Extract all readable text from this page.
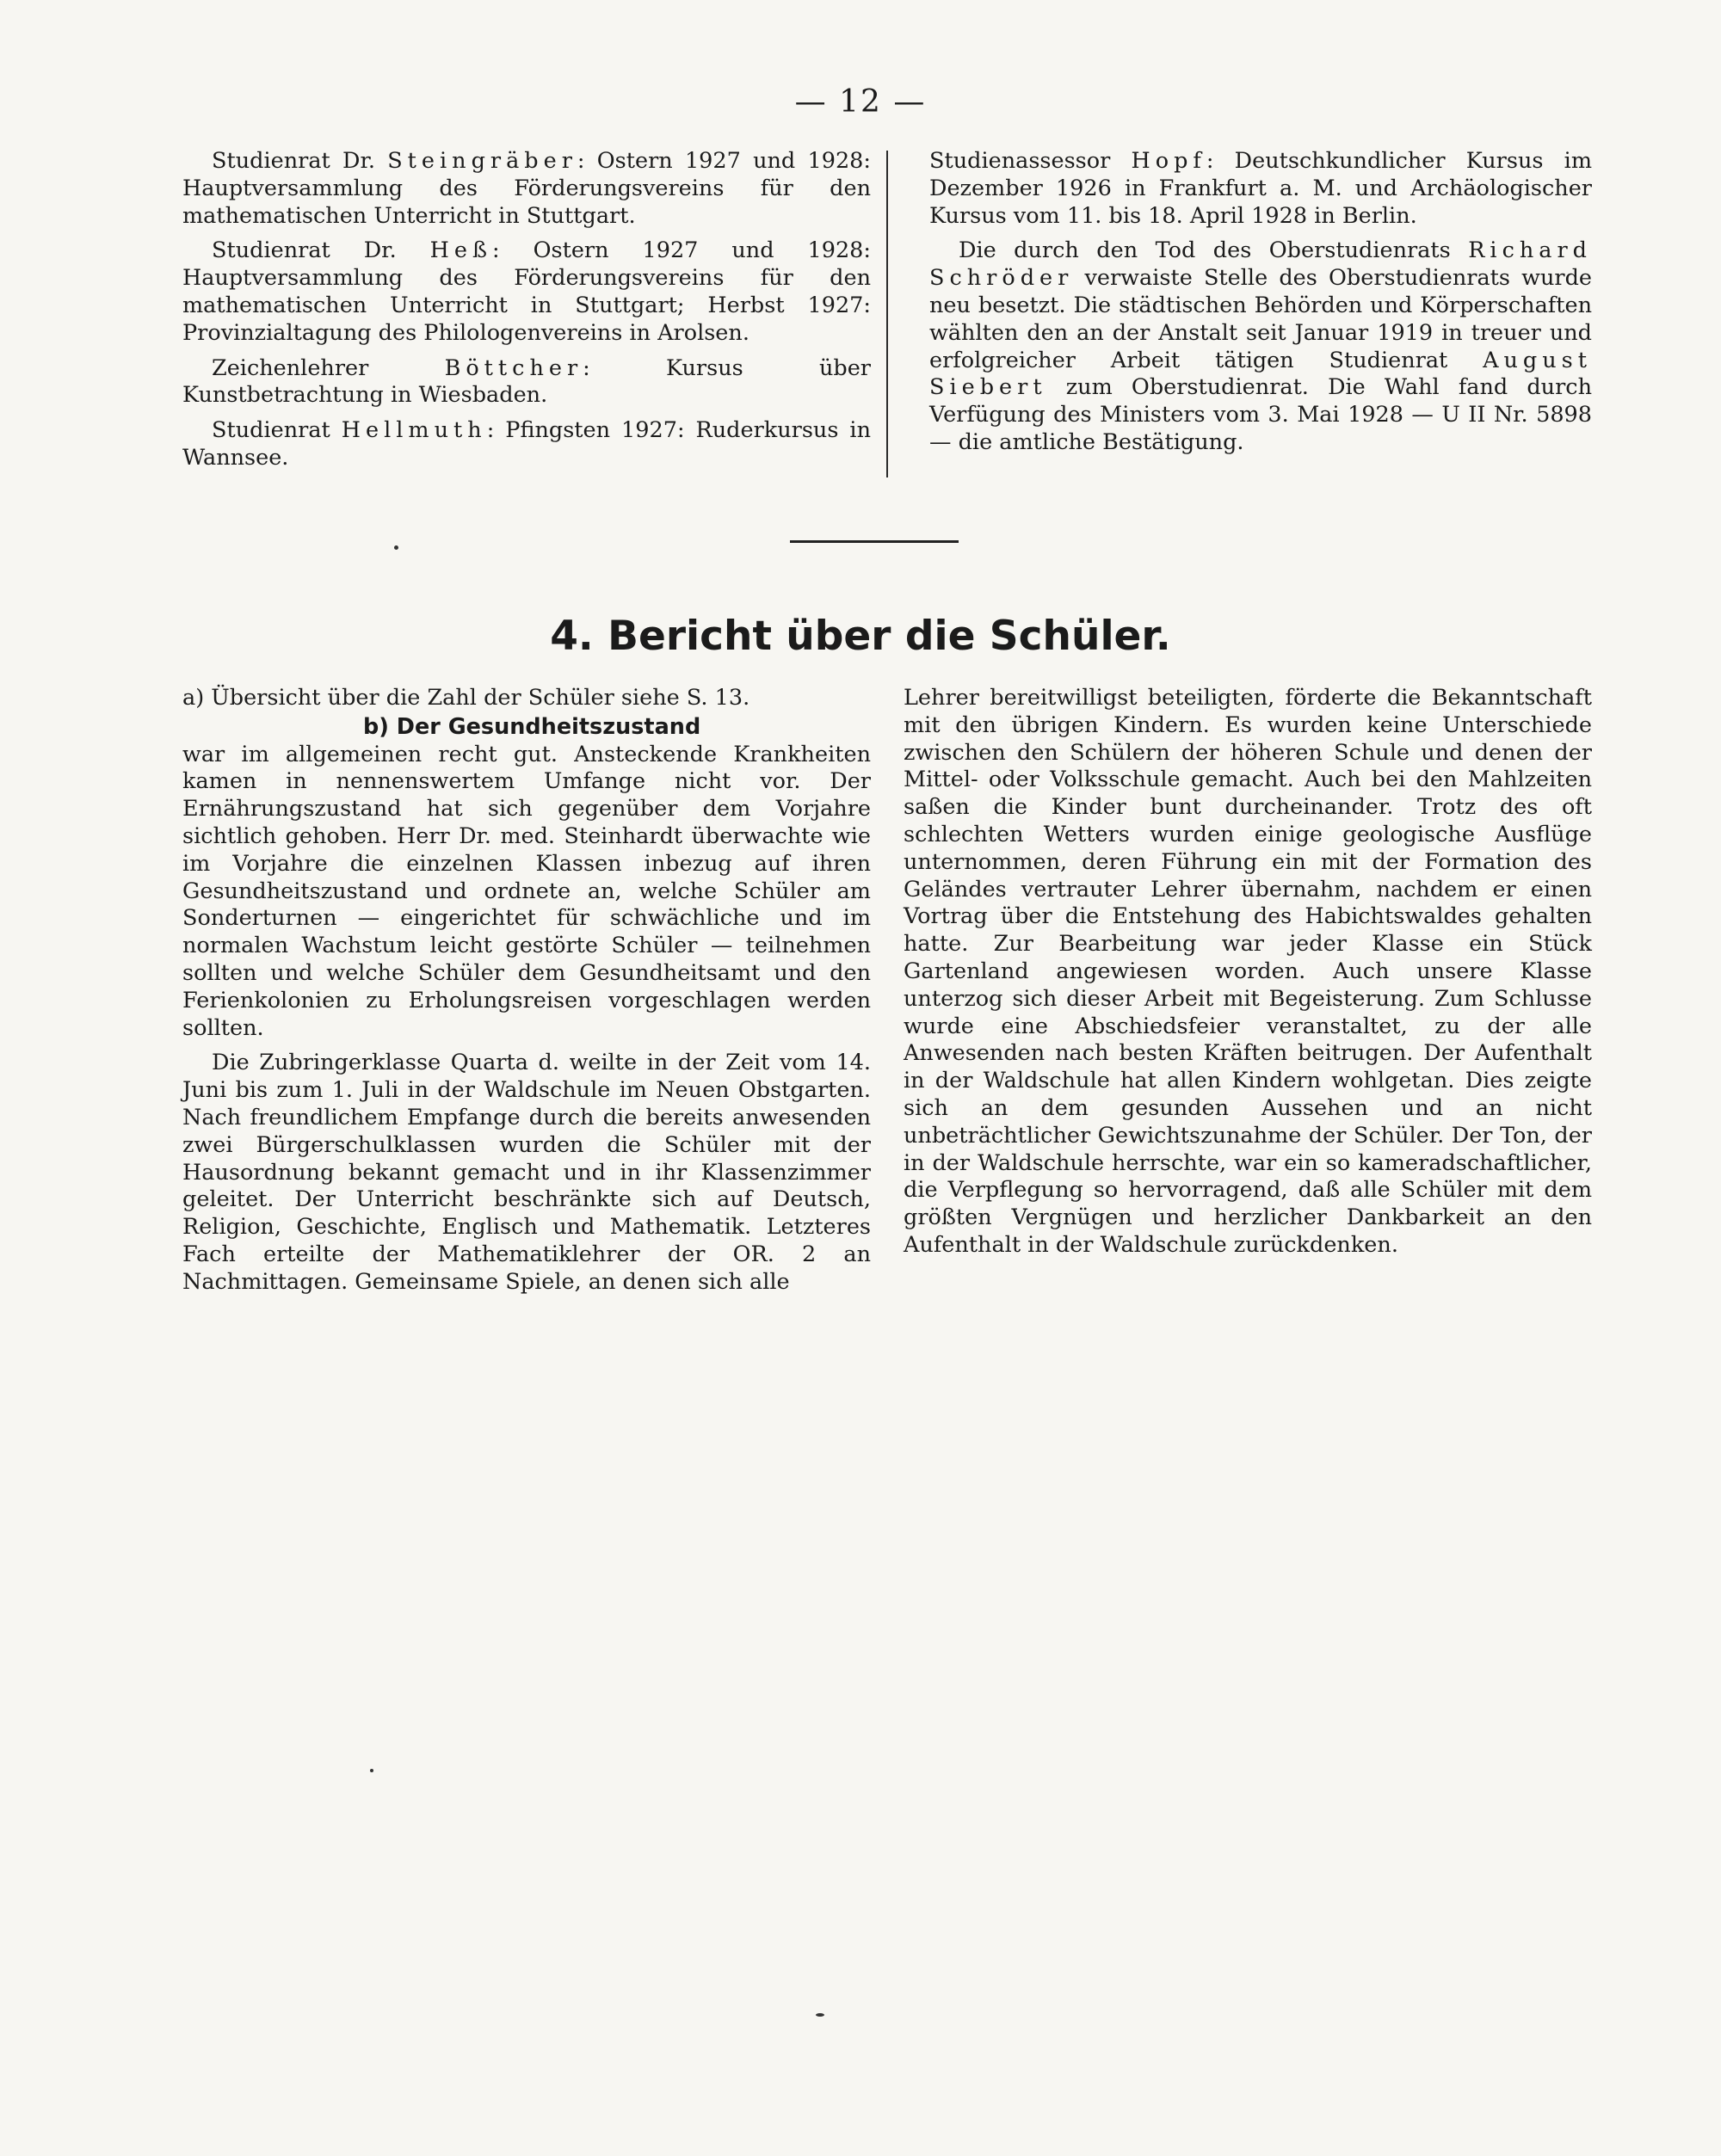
— 12 —

Studienrat Dr. Steingräber: Ostern 1927 und 1928: Hauptversammlung des Förderungsvereins für den mathematischen Unterricht in Stuttgart.

Studienrat Dr. Heß: Ostern 1927 und 1928: Hauptversammlung des Förderungsvereins für den mathematischen Unterricht in Stuttgart; Herbst 1927: Provinzialtagung des Philologenvereins in Arolsen.

Zeichenlehrer Böttcher: Kursus über Kunstbetrachtung in Wiesbaden.

Studienrat Hellmuth: Pfingsten 1927: Ruderkursus in Wannsee.

Studienassessor Hopf: Deutschkundlicher Kursus im Dezember 1926 in Frankfurt a. M. und Archäologischer Kursus vom 11. bis 18. April 1928 in Berlin.

Die durch den Tod des Oberstudienrats Richard Schröder verwaiste Stelle des Oberstudienrats wurde neu besetzt. Die städtischen Behörden und Körperschaften wählten den an der Anstalt seit Januar 1919 in treuer und erfolgreicher Arbeit tätigen Studienrat August Siebert zum Oberstudienrat. Die Wahl fand durch Verfügung des Ministers vom 3. Mai 1928 — U II Nr. 5898 — die amtliche Bestätigung.

4. Bericht über die Schüler.

a) Übersicht über die Zahl der Schüler siehe S. 13.

b) Der Gesundheitszustand
war im allgemeinen recht gut. Ansteckende Krankheiten kamen in nennenswertem Umfange nicht vor. Der Ernährungszustand hat sich gegenüber dem Vorjahre sichtlich gehoben. Herr Dr. med. Steinhardt überwachte wie im Vorjahre die einzelnen Klassen inbezug auf ihren Gesundheitszustand und ordnete an, welche Schüler am Sonderturnen — eingerichtet für schwächliche und im normalen Wachstum leicht gestörte Schüler — teilnehmen sollten und welche Schüler dem Gesundheitsamt und den Ferienkolonien zu Erholungsreisen vorgeschlagen werden sollten.

Die Zubringerklasse Quarta d. weilte in der Zeit vom 14. Juni bis zum 1. Juli in der Waldschule im Neuen Obstgarten. Nach freundlichem Empfange durch die bereits anwesenden zwei Bürgerschulklassen wurden die Schüler mit der Hausordnung bekannt gemacht und in ihr Klassenzimmer geleitet. Der Unterricht beschränkte sich auf Deutsch, Religion, Geschichte, Englisch und Mathematik. Letzteres Fach erteilte der Mathematiklehrer der OR. 2 an Nachmittagen. Gemeinsame Spiele, an denen sich alle

Lehrer bereitwilligst beteiligten, förderte die Bekanntschaft mit den übrigen Kindern. Es wurden keine Unterschiede zwischen den Schülern der höheren Schule und denen der Mittel- oder Volksschule gemacht. Auch bei den Mahlzeiten saßen die Kinder bunt durcheinander. Trotz des oft schlechten Wetters wurden einige geologische Ausflüge unternommen, deren Führung ein mit der Formation des Geländes vertrauter Lehrer übernahm, nachdem er einen Vortrag über die Entstehung des Habichtswaldes gehalten hatte. Zur Bearbeitung war jeder Klasse ein Stück Gartenland angewiesen worden. Auch unsere Klasse unterzog sich dieser Arbeit mit Begeisterung. Zum Schlusse wurde eine Abschiedsfeier veranstaltet, zu der alle Anwesenden nach besten Kräften beitrugen. Der Aufenthalt in der Waldschule hat allen Kindern wohlgetan. Dies zeigte sich an dem gesunden Aussehen und an nicht unbeträchtlicher Gewichtszunahme der Schüler. Der Ton, der in der Waldschule herrschte, war ein so kameradschaftlicher, die Verpflegung so hervorragend, daß alle Schüler mit dem größten Vergnügen und herzlicher Dankbarkeit an den Aufenthalt in der Waldschule zurückdenken.
